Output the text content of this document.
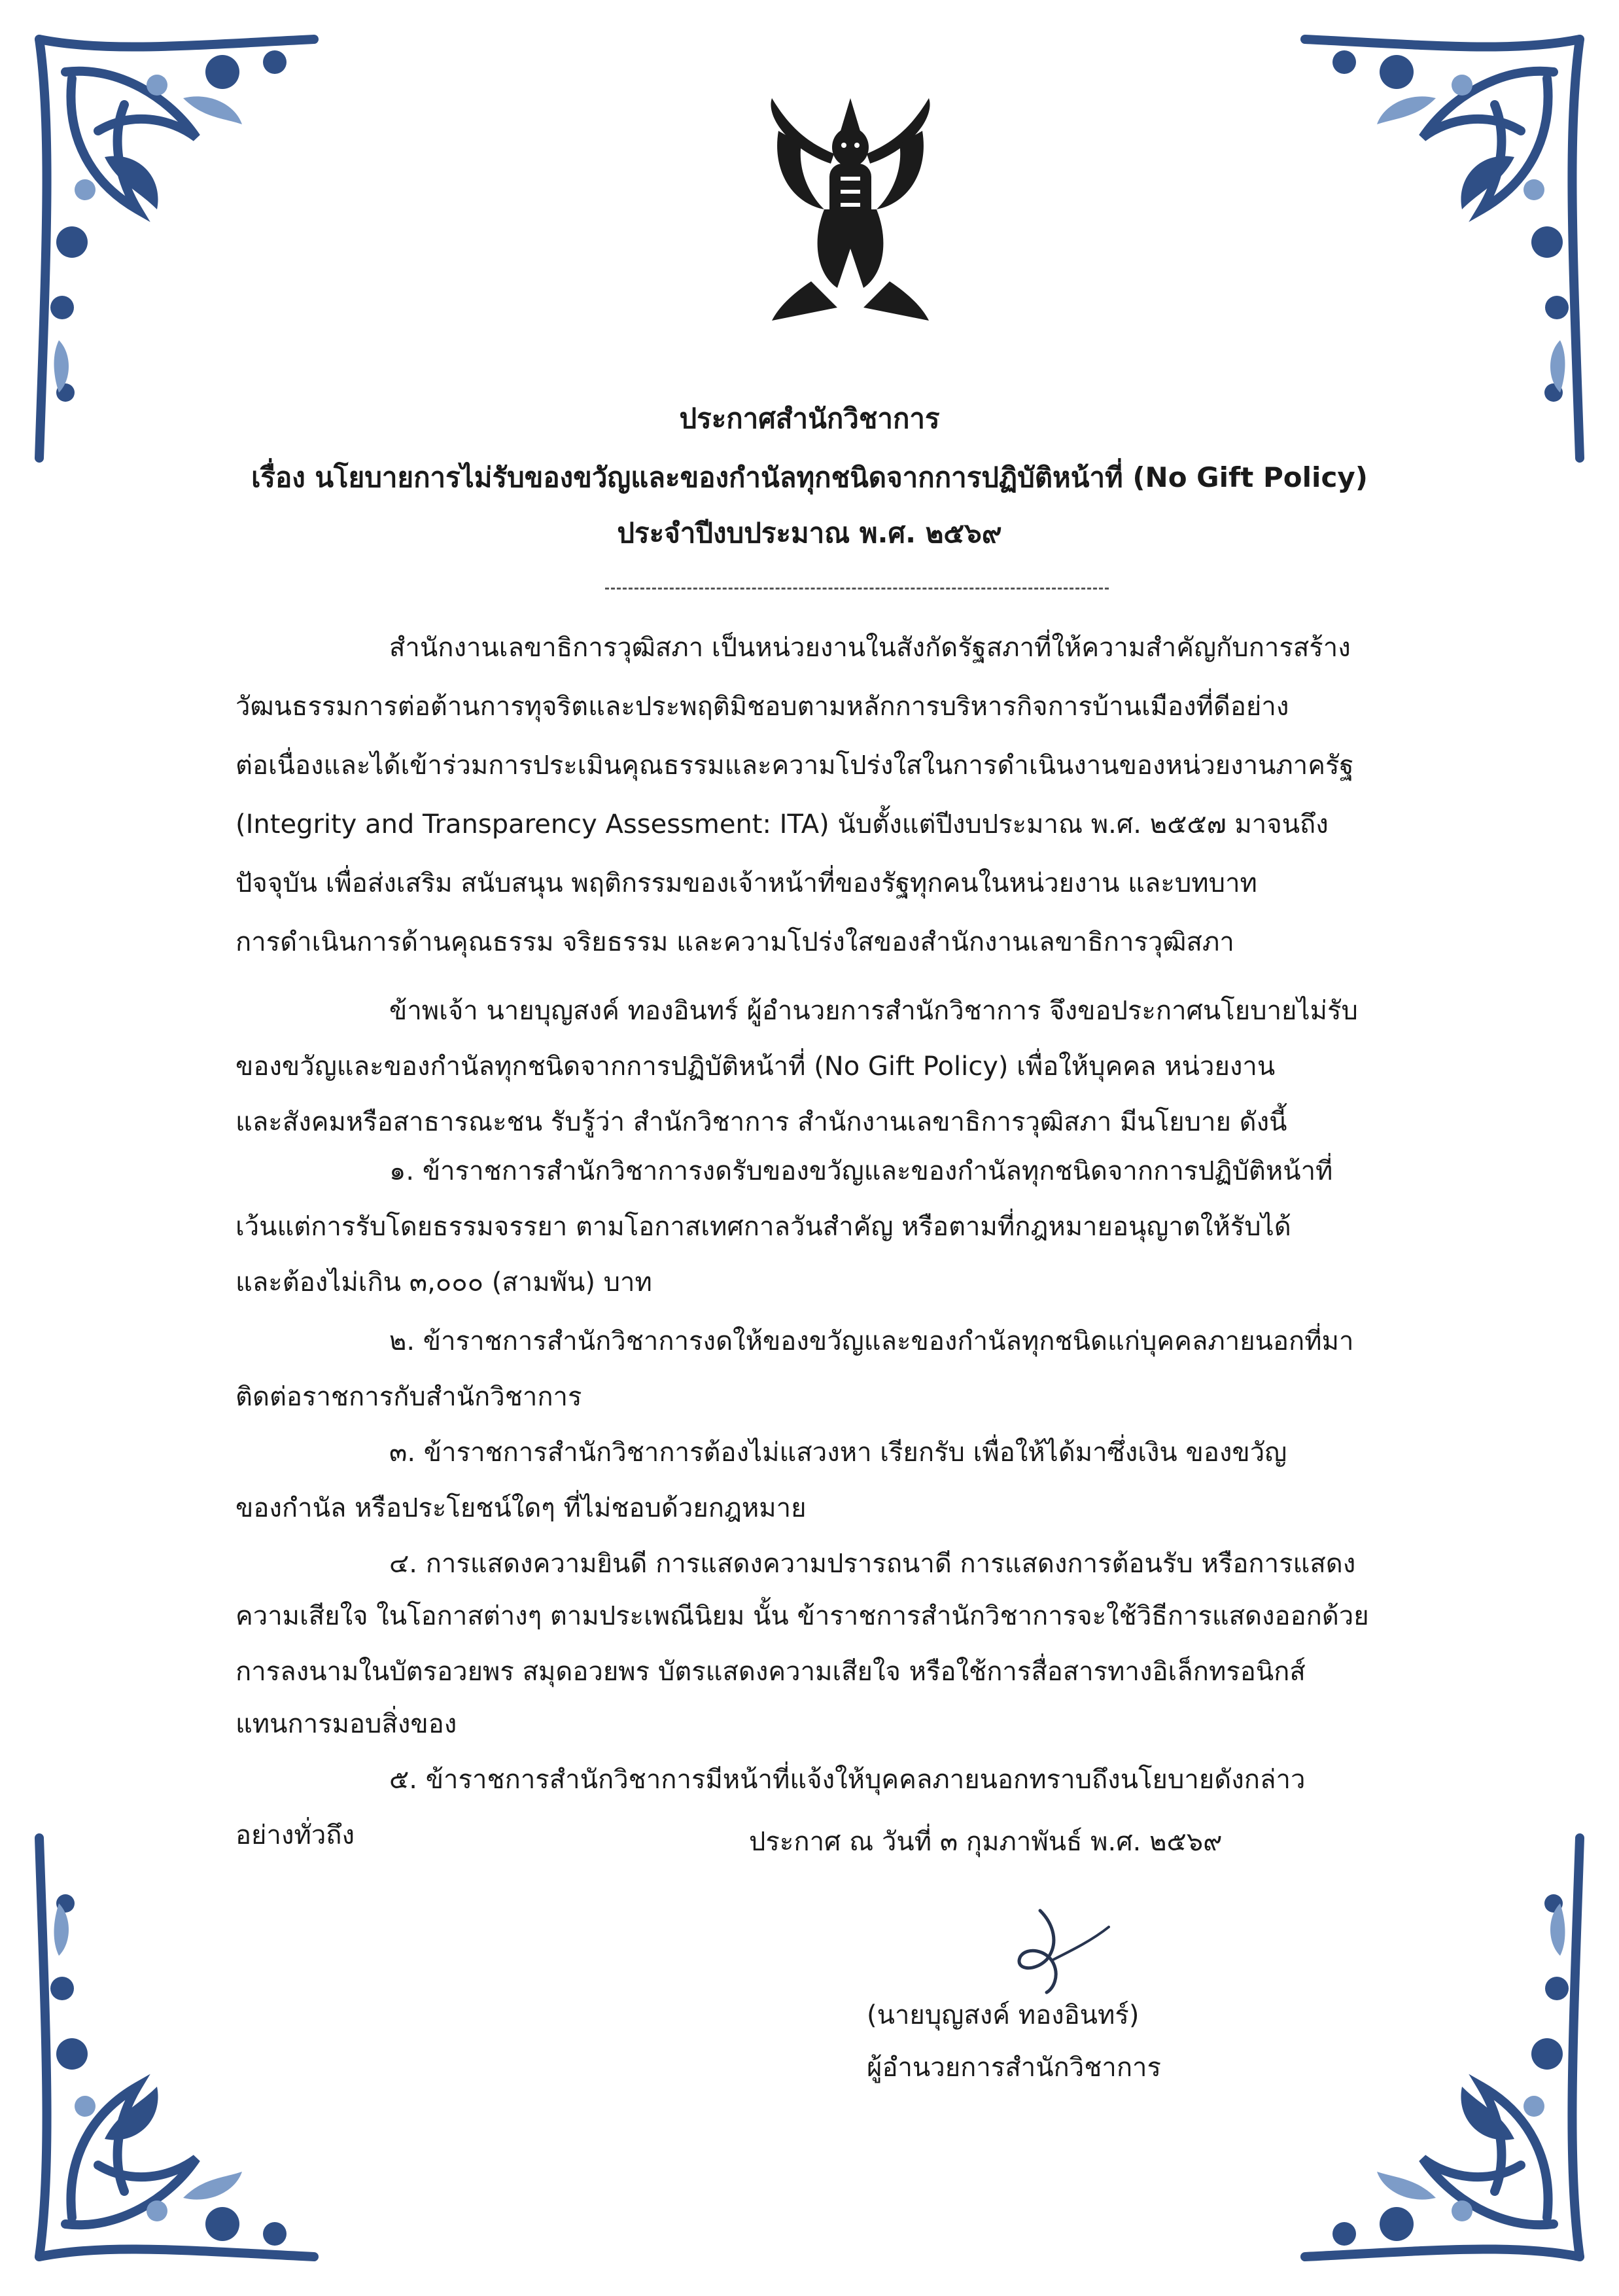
ประกาศสำนักวิชาการ
เรื่อง นโยบายการไม่รับของขวัญและของกำนัลทุกชนิดจากการปฏิบัติหน้าที่ (No Gift Policy)
ประจำปีงบประมาณ พ.ศ. ๒๕๖๙
สำนักงานเลขาธิการวุฒิสภา เป็นหน่วยงานในสังกัดรัฐสภาที่ให้ความสำคัญกับการสร้าง
วัฒนธรรมการต่อต้านการทุจริตและประพฤติมิชอบตามหลักการบริหารกิจการบ้านเมืองที่ดีอย่าง
ต่อเนื่องและได้เข้าร่วมการประเมินคุณธรรมและความโปร่งใสในการดำเนินงานของหน่วยงานภาครัฐ
(Integrity and Transparency Assessment: ITA) นับตั้งแต่ปีงบประมาณ พ.ศ. ๒๕๕๗ มาจนถึง
ปัจจุบัน เพื่อส่งเสริม สนับสนุน พฤติกรรมของเจ้าหน้าที่ของรัฐทุกคนในหน่วยงาน และบทบาท
การดำเนินการด้านคุณธรรม จริยธรรม และความโปร่งใสของสำนักงานเลขาธิการวุฒิสภา
ข้าพเจ้า นายบุญสงค์ ทองอินทร์ ผู้อำนวยการสำนักวิชาการ จึงขอประกาศนโยบายไม่รับ
ของขวัญและของกำนัลทุกชนิดจากการปฏิบัติหน้าที่ (No Gift Policy) เพื่อให้บุคคล หน่วยงาน
และสังคมหรือสาธารณะชน รับรู้ว่า สำนักวิชาการ สำนักงานเลขาธิการวุฒิสภา มีนโยบาย ดังนี้
๑. ข้าราชการสำนักวิชาการงดรับของขวัญและของกำนัลทุกชนิดจากการปฏิบัติหน้าที่
เว้นแต่การรับโดยธรรมจรรยา ตามโอกาสเทศกาลวันสำคัญ หรือตามที่กฎหมายอนุญาตให้รับได้
และต้องไม่เกิน ๓,๐๐๐ (สามพัน) บาท
๒. ข้าราชการสำนักวิชาการงดให้ของขวัญและของกำนัลทุกชนิดแก่บุคคลภายนอกที่มา
ติดต่อราชการกับสำนักวิชาการ
๓. ข้าราชการสำนักวิชาการต้องไม่แสวงหา เรียกรับ เพื่อให้ได้มาซึ่งเงิน ของขวัญ
ของกำนัล หรือประโยชน์ใดๆ ที่ไม่ชอบด้วยกฎหมาย
๔. การแสดงความยินดี การแสดงความปรารถนาดี การแสดงการต้อนรับ หรือการแสดง
ความเสียใจ ในโอกาสต่างๆ ตามประเพณีนิยม นั้น ข้าราชการสำนักวิชาการจะใช้วิธีการแสดงออกด้วย
การลงนามในบัตรอวยพร สมุดอวยพร บัตรแสดงความเสียใจ หรือใช้การสื่อสารทางอิเล็กทรอนิกส์
แทนการมอบสิ่งของ
๕. ข้าราชการสำนักวิชาการมีหน้าที่แจ้งให้บุคคลภายนอกทราบถึงนโยบายดังกล่าว
อย่างทั่วถึง	ประกาศ ณ วันที่ ๓ กุมภาพันธ์ พ.ศ. ๒๕๖๙
(นายบุญสงค์ ทองอินทร์)
ผู้อำนวยการสำนักวิชาการ
